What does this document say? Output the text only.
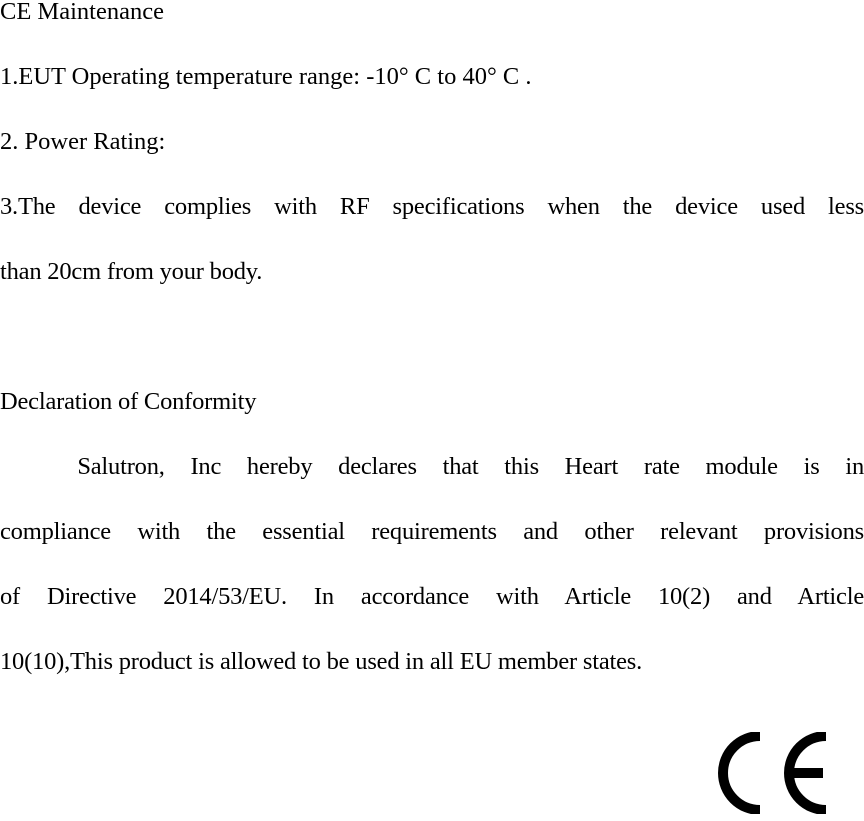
CE Maintenance
1.EUT Operating temperature range: -10° C to 40° C .
2. Power Rating:
3.The device complies with RF specifications when the device used less
than 20cm from your body.
Declaration of Conformity
Salutron, Inc hereby declares that this Heart rate module is in
compliance with the essential requirements and other relevant provisions
of Directive 2014/53/EU. In accordance with Article 10(2) and Article
10(10),This product is allowed to be used in all EU member states.
